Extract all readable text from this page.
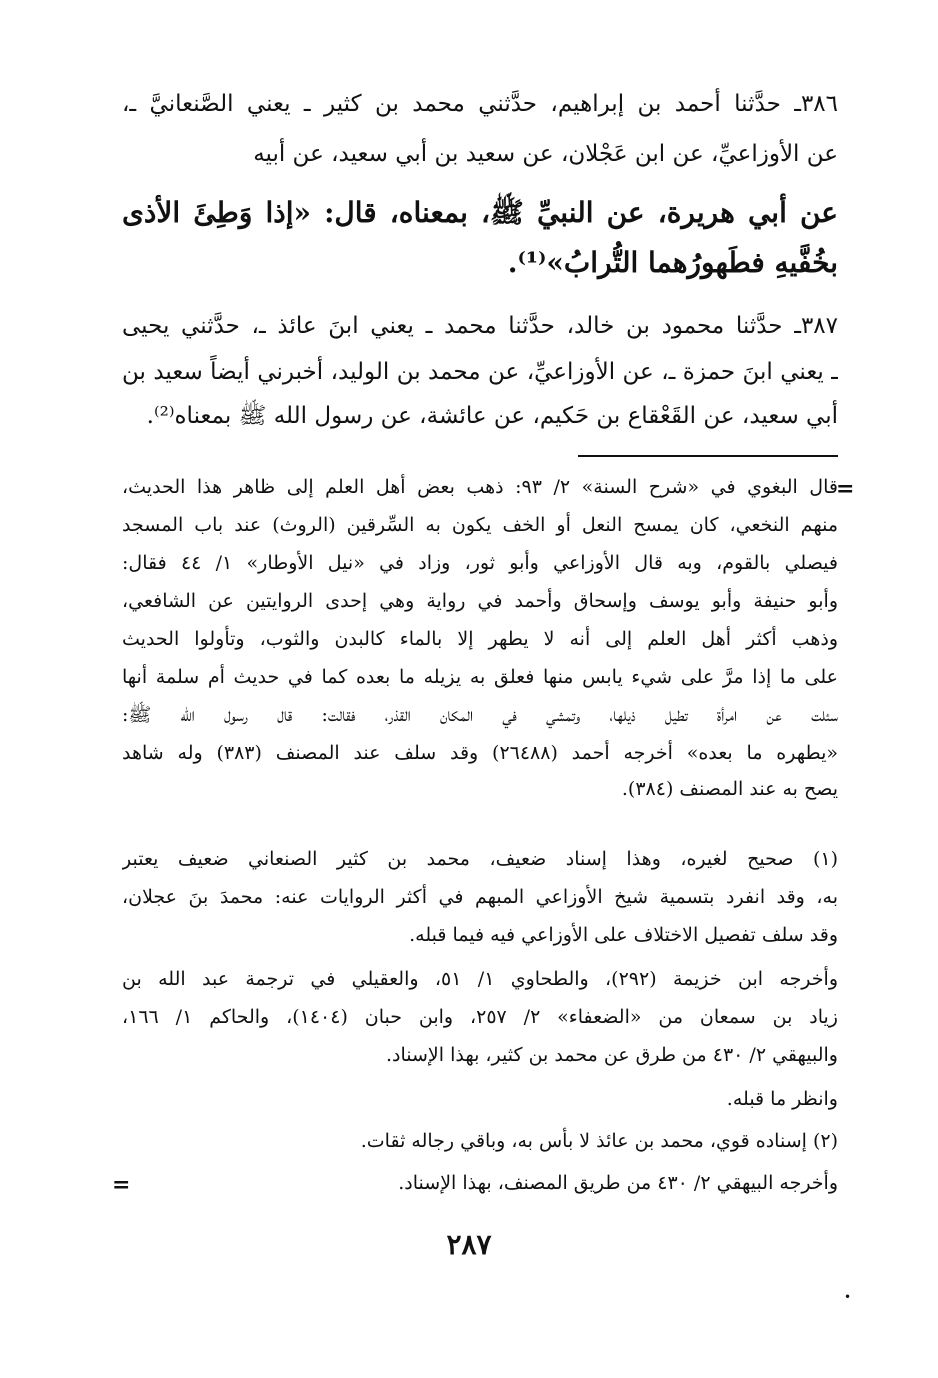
٣٨٦ـ حدَّثنا أحمد بن إبراهيم، حدَّثني محمد بن كثير ـ يعني الصَّنعانيَّ ـ،
عن الأوزاعيِّ، عن ابن عَجْلان، عن سعيد بن أبي سعيد، عن أبيه
عن أبي هريرة، عن النبيِّ ﷺ، بمعناه، قال: «إذا وَطِئَ الأذى
بخُفَّيهِ فطَهورُهما التُّرابُ»⁽¹⁾.
٣٨٧ـ حدَّثنا محمود بن خالد، حدَّثنا محمد ـ يعني ابنَ عائذ ـ، حدَّثني يحيى
ـ يعني ابنَ حمزة ـ، عن الأوزاعيِّ، عن محمد بن الوليد، أخبرني أيضاً سعيد بن
أبي سعيد، عن القَعْقاع بن حَكيم، عن عائشة، عن رسول الله ﷺ بمعناه⁽²⁾.
=
قال البغوي في «شرح السنة» ٢/ ٩٣: ذهب بعض أهل العلم إلى ظاهر هذا الحديث،
منهم النخعي، كان يمسح النعل أو الخف يكون به السِّرقين (الروث) عند باب المسجد
فيصلي بالقوم، وبه قال الأوزاعي وأبو ثور، وزاد في «نيل الأوطار» ١/ ٤٤ فقال:
وأبو حنيفة وأبو يوسف وإسحاق وأحمد في رواية وهي إحدى الروايتين عن الشافعي،
وذهب أكثر أهل العلم إلى أنه لا يطهر إلا بالماء كالبدن والثوب، وتأولوا الحديث
على ما إذا مرَّ على شيء يابس منها فعلق به يزيله ما بعده كما في حديث أم سلمة أنها
سئلت عن امرأة تطيل ذيلها، وتمشي في المكان القذر، فقالت: قال رسول الله ﷺ:
«يطهره ما بعده» أخرجه أحمد (٢٦٤٨٨) وقد سلف عند المصنف (٣٨٣) وله شاهد
يصح به عند المصنف (٣٨٤).
(١) صحيح لغيره، وهذا إسناد ضعيف، محمد بن كثير الصنعاني ضعيف يعتبر
به، وقد انفرد بتسمية شيخ الأوزاعي المبهم في أكثر الروايات عنه: محمدَ بنَ عجلان،
وقد سلف تفصيل الاختلاف على الأوزاعي فيه فيما قبله.
وأخرجه ابن خزيمة (٢٩٢)، والطحاوي ١/ ٥١، والعقيلي في ترجمة عبد الله بن
زياد بن سمعان من «الضعفاء» ٢/ ٢٥٧، وابن حبان (١٤٠٤)، والحاكم ١/ ١٦٦،
والبيهقي ٢/ ٤٣٠ من طرق عن محمد بن كثير، بهذا الإسناد.
وانظر ما قبله.
(٢) إسناده قوي، محمد بن عائذ لا بأس به، وباقي رجاله ثقات.
وأخرجه البيهقي ٢/ ٤٣٠ من طريق المصنف، بهذا الإسناد.
=
٢٨٧
•
